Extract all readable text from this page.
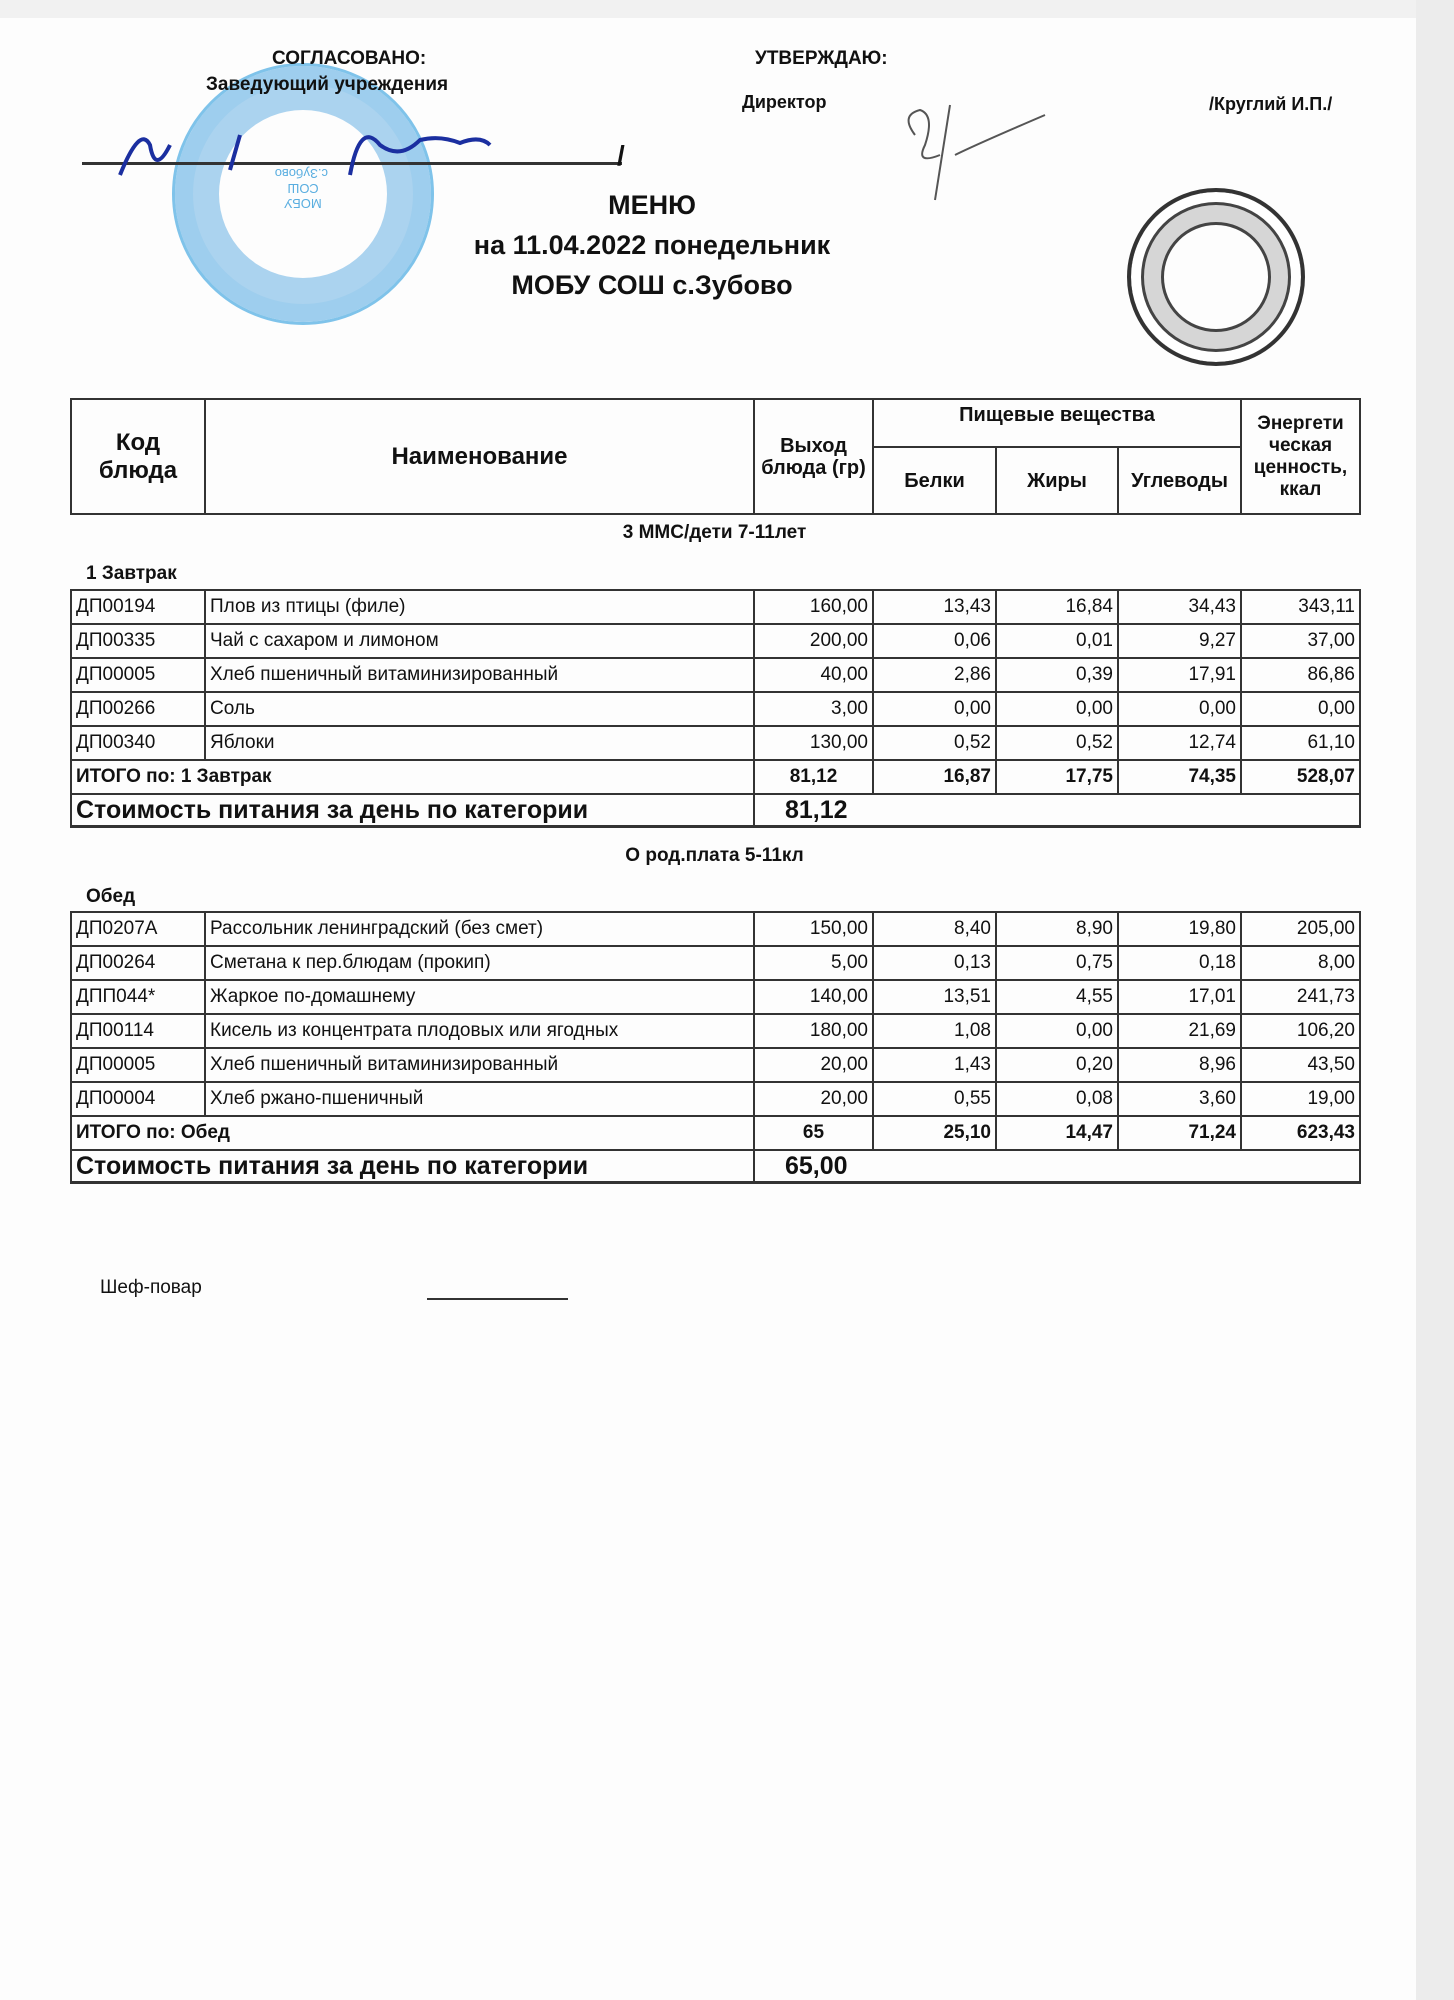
МОБУ СОШ с.Зубово
СОГЛАСОВАНО:
Заведующий учреждения
/
УТВЕРЖДАЮ:
Директор	/Круглий И.П./
МЕНЮ
на 11.04.2022 понедельник
МОБУ СОШ с.Зубово
Код блюда	Наименование	Выход блюда (гр)	Пищевые вещества			Энергети ческая ценность, ккал
			Белки	Жиры	Углеводы	
3 ММС/дети 7-11лет
1 Завтрак
ДП00194	Плов из птицы (филе)	160,00	13,43	16,84	34,43	343,11
ДП00335	Чай с сахаром и лимоном	200,00	0,06	0,01	9,27	37,00
ДП00005	Хлеб пшеничный витаминизированный	40,00	2,86	0,39	17,91	86,86
ДП00266	Соль	3,00	0,00	0,00	0,00	0,00
ДП00340	Яблоки	130,00	0,52	0,52	12,74	61,10
ИТОГО по: 1 Завтрак		81,12	16,87	17,75	74,35	528,07
Стоимость питания за день по категории		81,12				
О род.плата 5-11кл
Обед
ДП0207А	Рассольник ленинградский (без смет)	150,00	8,40	8,90	19,80	205,00
ДП00264	Сметана к пер.блюдам (прокип)	5,00	0,13	0,75	0,18	8,00
ДПП044*	Жаркое по-домашнему	140,00	13,51	4,55	17,01	241,73
ДП00114	Кисель из концентрата плодовых или ягодных	180,00	1,08	0,00	21,69	106,20
ДП00005	Хлеб пшеничный витаминизированный	20,00	1,43	0,20	8,96	43,50
ДП00004	Хлеб ржано-пшеничный	20,00	0,55	0,08	3,60	19,00
ИТОГО по: Обед		65	25,10	14,47	71,24	623,43
Стоимость питания за день по категории		65,00				
Шеф-повар
